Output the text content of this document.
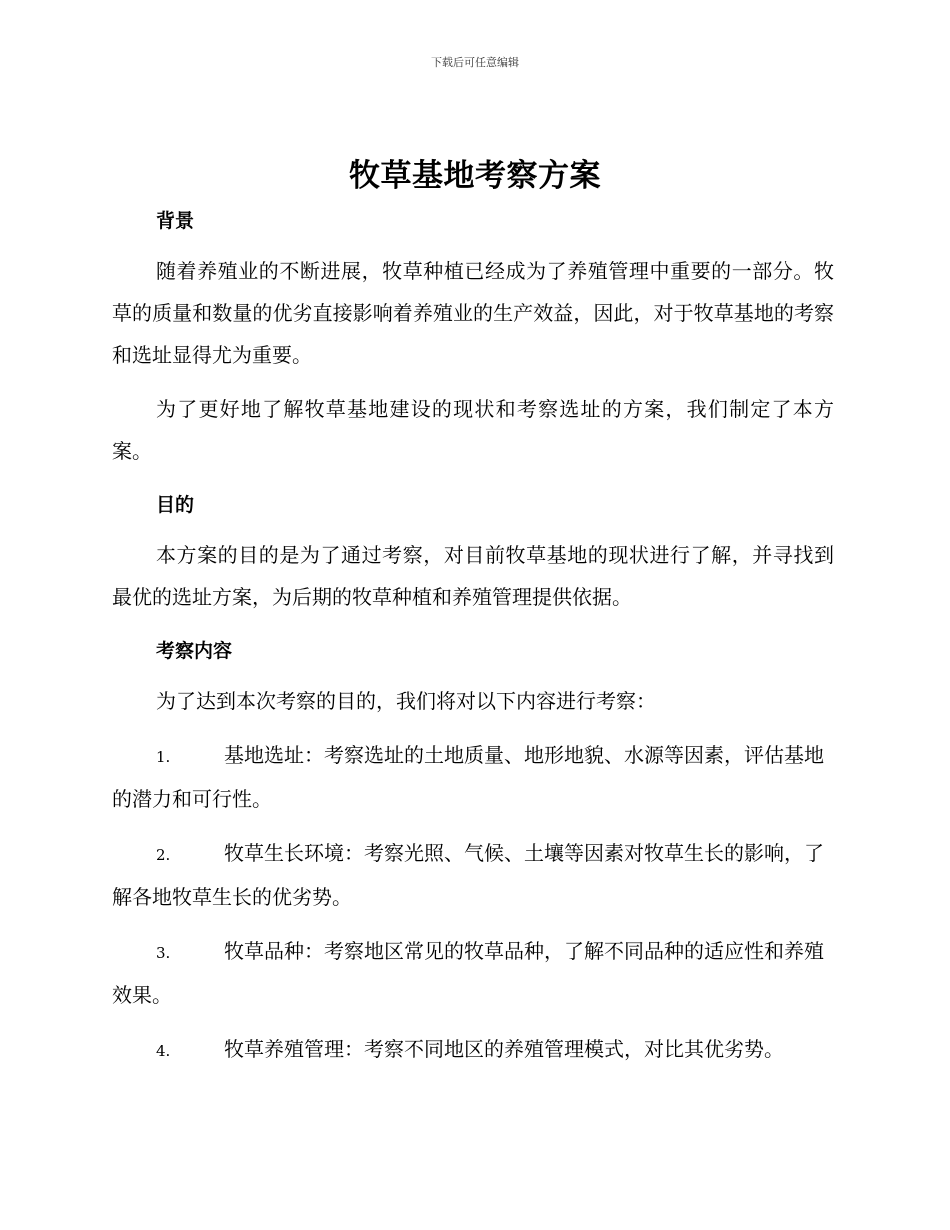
下载后可任意编辑
牧草基地考察方案

背景

随着养殖业的不断进展，牧草种植已经成为了养殖管理中重要的一部分。牧草的质量和数量的优劣直接影响着养殖业的生产效益，因此，对于牧草基地的考察和选址显得尤为重要。

为了更好地了解牧草基地建设的现状和考察选址的方案，我们制定了本方案。

目的

本方案的目的是为了通过考察，对目前牧草基地的现状进行了解，并寻找到最优的选址方案，为后期的牧草种植和养殖管理提供依据。

考察内容

为了达到本次考察的目的，我们将对以下内容进行考察：

1.	基地选址：考察选址的土地质量、地形地貌、水源等因素，评估基地的潜力和可行性。

2.	牧草生长环境：考察光照、气候、土壤等因素对牧草生长的影响，了解各地牧草生长的优劣势。

3.	牧草品种：考察地区常见的牧草品种，了解不同品种的适应性和养殖效果。

4.	牧草养殖管理：考察不同地区的养殖管理模式，对比其优劣势。
